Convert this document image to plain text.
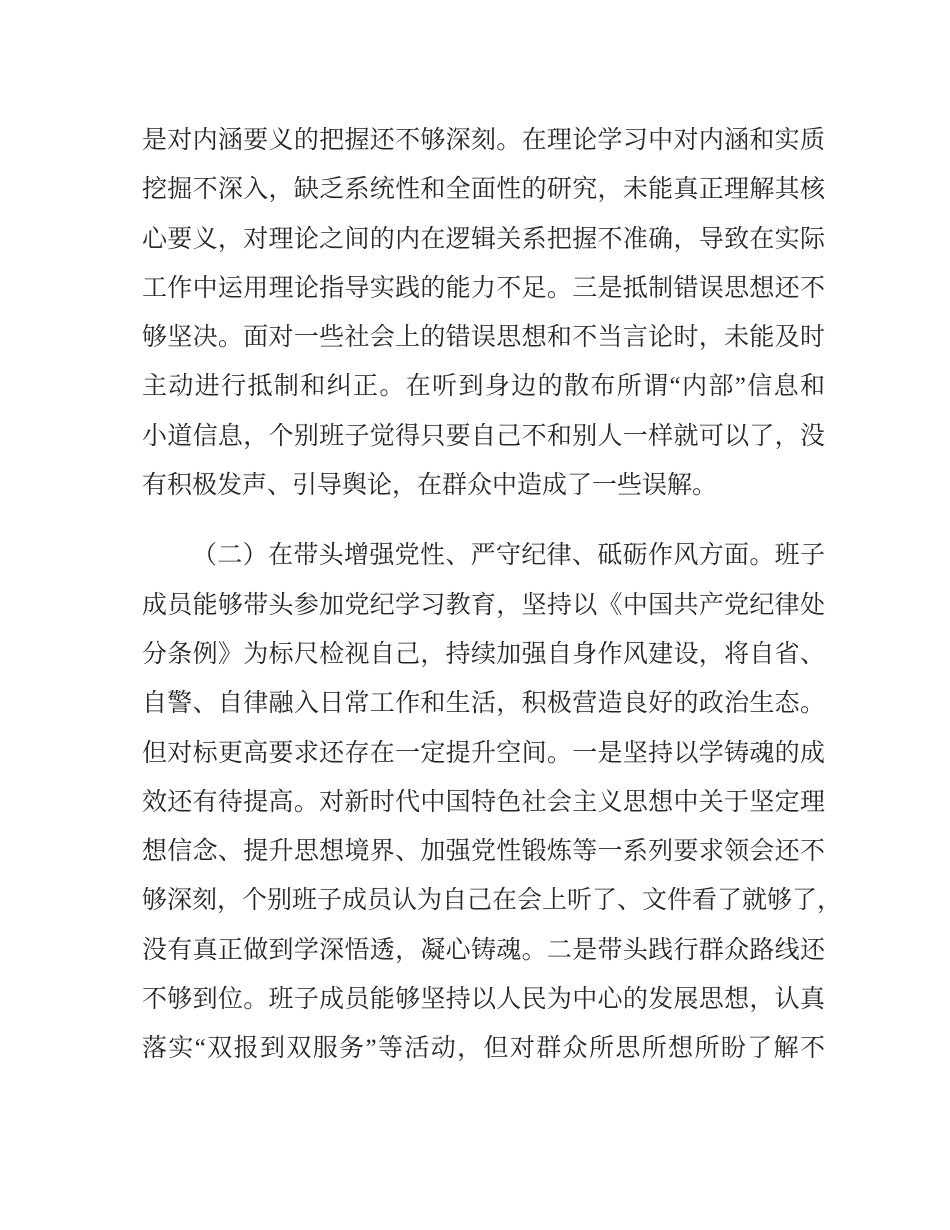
是对内涵要义的把握还不够深刻。在理论学习中对内涵和实质
挖掘不深入，缺乏系统性和全面性的研究，未能真正理解其核
心要义，对理论之间的内在逻辑关系把握不准确，导致在实际
工作中运用理论指导实践的能力不足。三是抵制错误思想还不
够坚决。面对一些社会上的错误思想和不当言论时，未能及时
主动进行抵制和纠正。在听到身边的散布所谓“内部”信息和
小道信息，个别班子觉得只要自己不和别人一样就可以了，没
有积极发声、引导舆论，在群众中造成了一些误解。
（二）在带头增强党性、严守纪律、砥砺作风方面。班子
成员能够带头参加党纪学习教育，坚持以《中国共产党纪律处
分条例》为标尺检视自己，持续加强自身作风建设，将自省、
自警、自律融入日常工作和生活，积极营造良好的政治生态。
但对标更高要求还存在一定提升空间。一是坚持以学铸魂的成
效还有待提高。对新时代中国特色社会主义思想中关于坚定理
想信念、提升思想境界、加强党性锻炼等一系列要求领会还不
够深刻，个别班子成员认为自己在会上听了、文件看了就够了，
没有真正做到学深悟透，凝心铸魂。二是带头践行群众路线还
不够到位。班子成员能够坚持以人民为中心的发展思想，认真
落实“双报到双服务”等活动，但对群众所思所想所盼了解不
